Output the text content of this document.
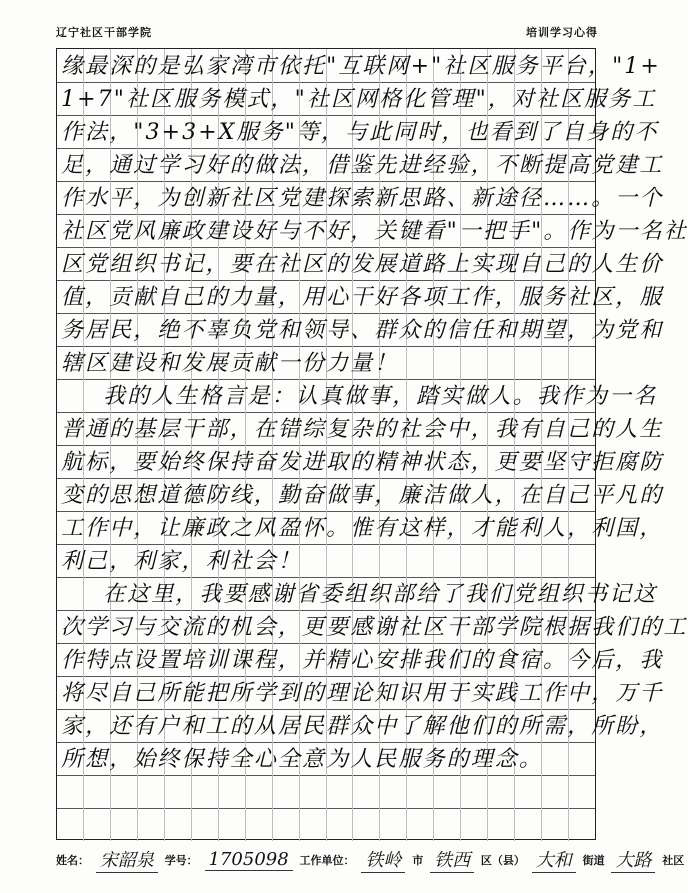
辽宁社区干部学院	培训学习心得
缘最深的是弘家湾市依托"互联网+"社区服务平台，"1+
1+7"社区服务模式，"社区网格化管理"，对社区服务工
作法，"3+3+X服务"等，与此同时，也看到了自身的不
足，通过学习好的做法，借鉴先进经验，不断提高党建工
作水平，为创新社区党建探索新思路、新途径……。一个
社区党风廉政建设好与不好，关键看"一把手"。作为一名社
区党组织书记，要在社区的发展道路上实现自己的人生价
值，贡献自己的力量，用心干好各项工作，服务社区，服
务居民，绝不辜负党和领导、群众的信任和期望，为党和
辖区建设和发展贡献一份力量！
我的人生格言是：认真做事，踏实做人。我作为一名
普通的基层干部，在错综复杂的社会中，我有自己的人生
航标，要始终保持奋发进取的精神状态，更要坚守拒腐防
变的思想道德防线，勤奋做事，廉洁做人，在自己平凡的
工作中，让廉政之风盈怀。惟有这样，才能利人，利国，
利己，利家，利社会！
在这里，我要感谢省委组织部给了我们党组织书记这
次学习与交流的机会，更要感谢社区干部学院根据我们的工
作特点设置培训课程，并精心安排我们的食宿。今后，我
将尽自己所能把所学到的理论知识用于实践工作中，万千
家，还有户和工的从居民群众中了解他们的所需，所盼，
所想，始终保持全心全意为人民服务的理念。
姓名： 宋韶泉 学号： 1705098 工作单位： 铁岭 市 铁西 区（县） 大和 街道 大路 社区
